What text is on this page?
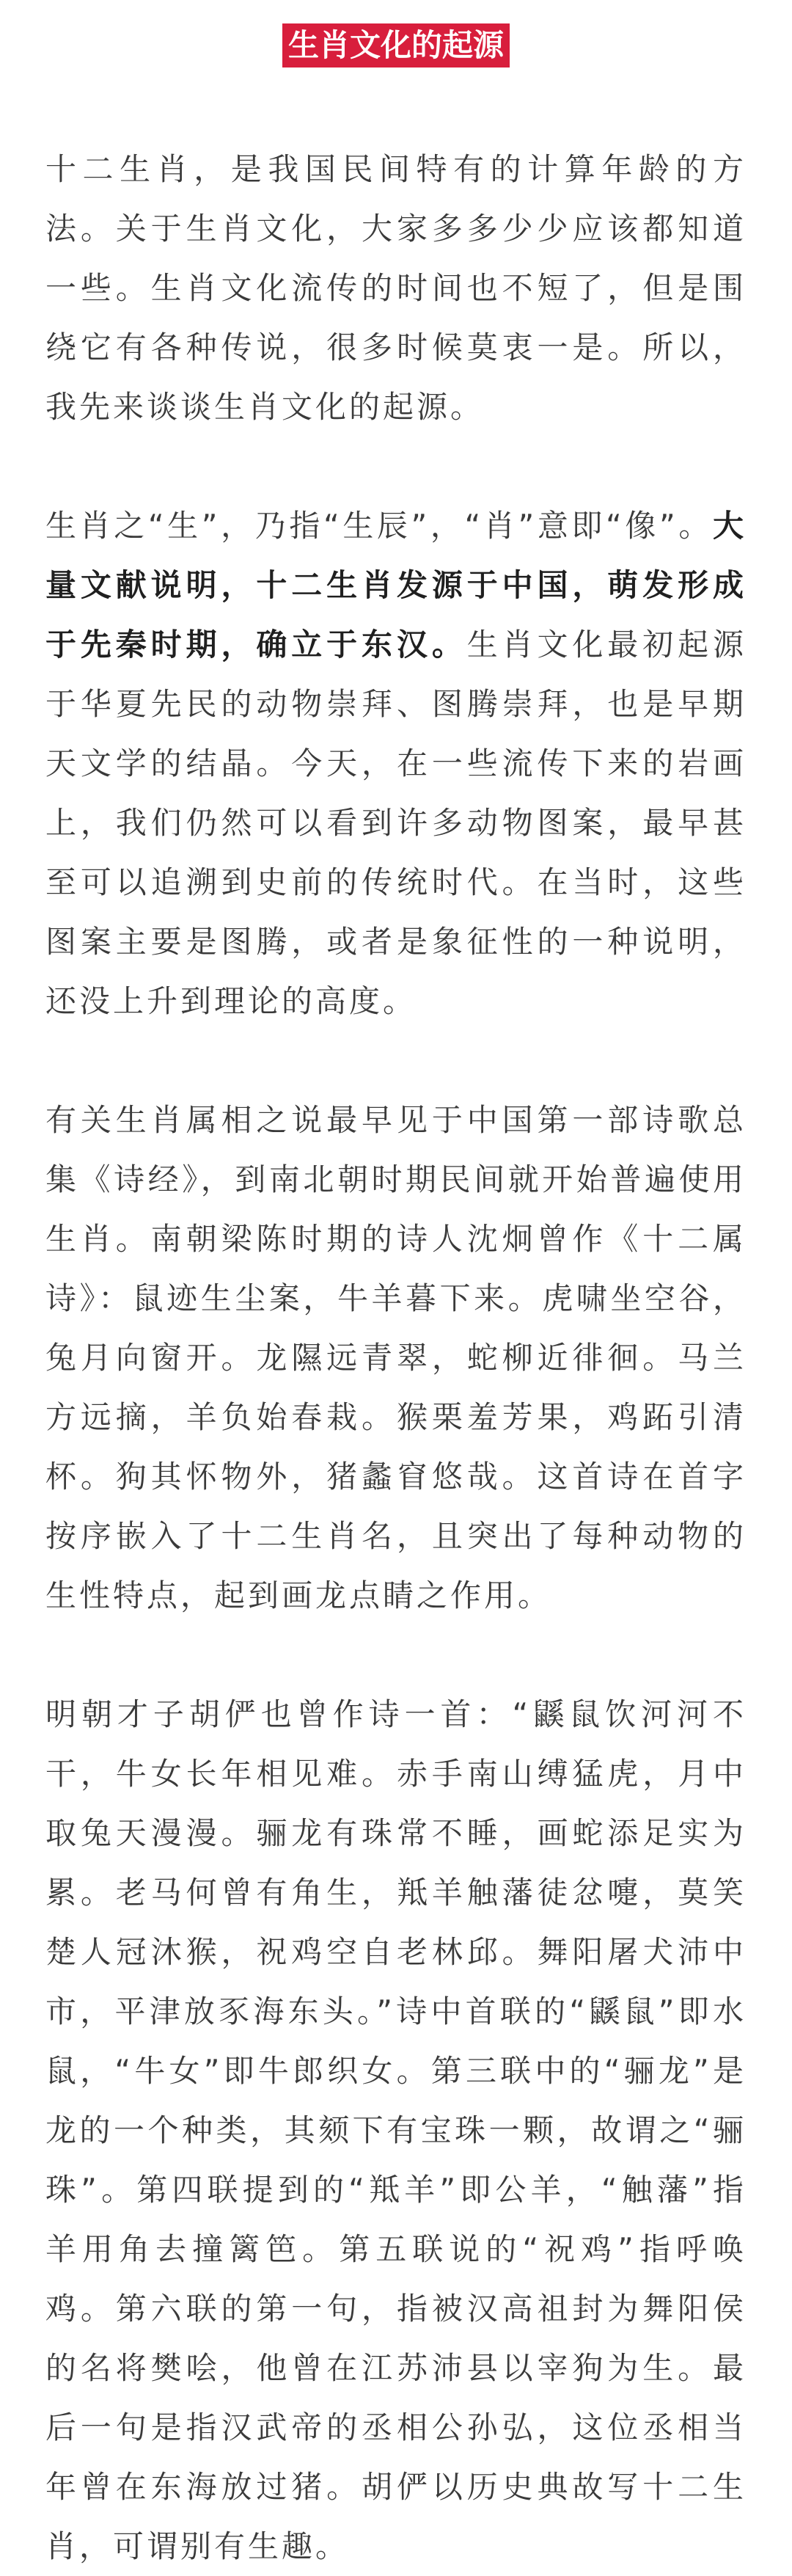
生肖文化的起源

十二生肖，是我国民间特有的计算年龄的方法。关于生肖文化，大家多多少少应该都知道一些。生肖文化流传的时间也不短了，但是围绕它有各种传说，很多时候莫衷一是。所以，我先来谈谈生肖文化的起源。

生肖之“生”，乃指“生辰”，“肖”意即“像”。大量文献说明，十二生肖发源于中国，萌发形成于先秦时期，确立于东汉。生肖文化最初起源于华夏先民的动物崇拜、图腾崇拜，也是早期天文学的结晶。今天，在一些流传下来的岩画上，我们仍然可以看到许多动物图案，最早甚至可以追溯到史前的传统时代。在当时，这些图案主要是图腾，或者是象征性的一种说明，还没上升到理论的高度。

有关生肖属相之说最早见于中国第一部诗歌总集《诗经》，到南北朝时期民间就开始普遍使用生肖。南朝梁陈时期的诗人沈炯曾作《十二属诗》：鼠迹生尘案，牛羊暮下来。虎啸坐空谷，兔月向窗开。龙隰远青翠，蛇柳近徘徊。马兰方远摘，羊负始春栽。猴栗羞芳果，鸡跖引清杯。狗其怀物外，猪蠡窅悠哉。这首诗在首字按序嵌入了十二生肖名，且突出了每种动物的生性特点，起到画龙点睛之作用。

明朝才子胡俨也曾作诗一首：“鼷鼠饮河河不干，牛女长年相见难。赤手南山缚猛虎，月中取兔天漫漫。骊龙有珠常不睡，画蛇添足实为累。老马何曾有角生，羝羊触藩徒忿嚏，莫笑楚人冠沐猴，祝鸡空自老林邱。舞阳屠犬沛中市，平津放豕海东头。”诗中首联的“鼷鼠”即水鼠，“牛女”即牛郎织女。第三联中的“骊龙”是龙的一个种类，其颏下有宝珠一颗，故谓之“骊珠”。第四联提到的“羝羊”即公羊，“触藩”指羊用角去撞篱笆。第五联说的“祝鸡”指呼唤鸡。第六联的第一句，指被汉高祖封为舞阳侯的名将樊哙，他曾在江苏沛县以宰狗为生。最后一句是指汉武帝的丞相公孙弘，这位丞相当年曾在东海放过猪。胡俨以历史典故写十二生肖，可谓别有生趣。
